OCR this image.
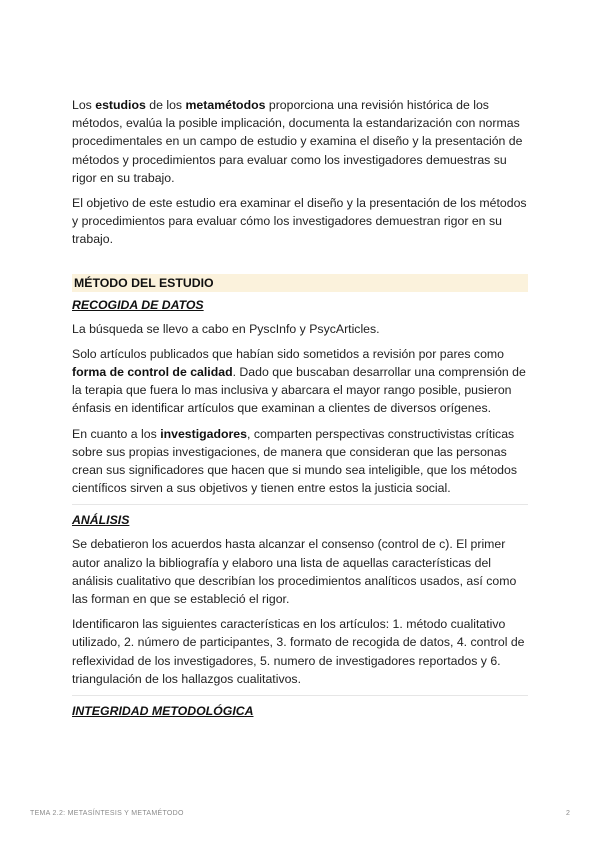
Los estudios de los metamétodos proporciona una revisión histórica de los métodos, evalúa la posible implicación, documenta la estandarización con normas procedimentales en un campo de estudio y examina el diseño y la presentación de métodos y procedimientos para evaluar como los investigadores demuestras su rigor en su trabajo.

El objetivo de este estudio era examinar el diseño y la presentación de los métodos y procedimientos para evaluar cómo los investigadores demuestran rigor en su trabajo.

MÉTODO DEL ESTUDIO
RECOGIDA DE DATOS

La búsqueda se llevo a cabo en PyscInfo y PsycArticles.

Solo artículos publicados que habían sido sometidos a revisión por pares como forma de control de calidad. Dado que buscaban desarrollar una comprensión de la terapia que fuera lo mas inclusiva y abarcara el mayor rango posible, pusieron énfasis en identificar artículos que examinan a clientes de diversos orígenes.

En cuanto a los investigadores, comparten perspectivas constructivistas críticas sobre sus propias investigaciones, de manera que consideran que las personas crean sus significadores que hacen que si mundo sea inteligible, que los métodos científicos sirven a sus objetivos y tienen entre estos la justicia social.

ANÁLISIS

Se debatieron los acuerdos hasta alcanzar el consenso (control de c). El primer autor analizo la bibliografía y elaboro una lista de aquellas características del análisis cualitativo que describían los procedimientos analíticos usados, así como las forman en que se estableció el rigor.

Identificaron las siguientes características en los artículos: 1. método cualitativo utilizado, 2. número de participantes, 3. formato de recogida de datos, 4. control de reflexividad de los investigadores, 5. numero de investigadores reportados y 6. triangulación de los hallazgos cualitativos.

INTEGRIDAD METODOLÓGICA
TEMA 2.2: METASÍNTESIS Y METAMÉTODO	2
